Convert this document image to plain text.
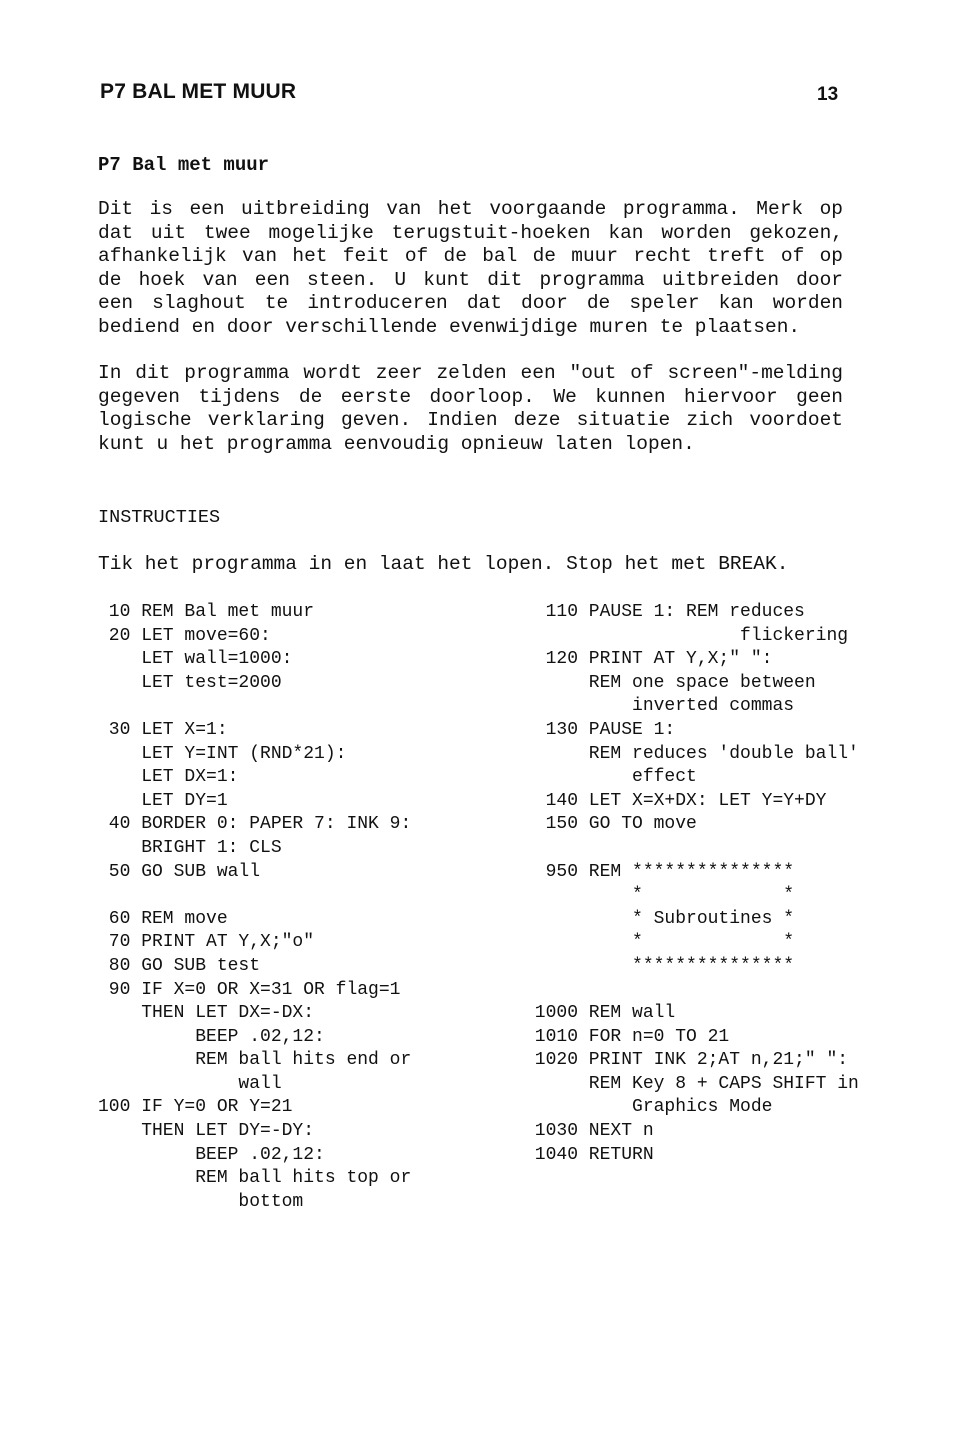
P7 BAL MET MUUR	13
P7 Bal met muur
Dit is een uitbreiding van het voorgaande programma. Merk op
dat uit twee mogelijke terugstuit-hoeken kan worden gekozen,
afhankelijk van het feit of de bal de muur recht treft of op
de hoek van een steen. U kunt dit programma uitbreiden door
een slaghout te introduceren dat door de speler kan worden
bediend en door verschillende evenwijdige muren te plaatsen.
In dit programma wordt zeer zelden een "out of screen"-melding
gegeven tijdens de eerste doorloop. We kunnen hiervoor geen
logische verklaring geven. Indien deze situatie zich voordoet
kunt u het programma eenvoudig opnieuw laten lopen.
INSTRUCTIES
Tik het programma in en laat het lopen. Stop het met BREAK.
10 REM Bal met muur
20 LET move=60:
LET wall=1000:
LET test=2000
30 LET X=1:
LET Y=INT (RND*21):
LET DX=1:
LET DY=1
40 BORDER 0: PAPER 7: INK 9:
BRIGHT 1: CLS
50 GO SUB wall
60 REM move
70 PRINT AT Y,X;"o"
80 GO SUB test
90 IF X=0 OR X=31 OR flag=1
THEN LET DX=-DX:
BEEP .02,12:
REM ball hits end or
wall
100 IF Y=0 OR Y=21
THEN LET DY=-DY:
BEEP .02,12:
REM ball hits top or
bottom
110 PAUSE 1: REM reduces
flickering
120 PRINT AT Y,X;" ":
REM one space between
inverted commas
130 PAUSE 1:
REM reduces 'double ball'
effect
140 LET X=X+DX: LET Y=Y+DY
150 GO TO move
950 REM ***************
*             *
* Subroutines *
*             *
***************
1000 REM wall
1010 FOR n=0 TO 21
1020 PRINT INK 2;AT n,21;" ":
REM Key 8 + CAPS SHIFT in
Graphics Mode
1030 NEXT n
1040 RETURN
